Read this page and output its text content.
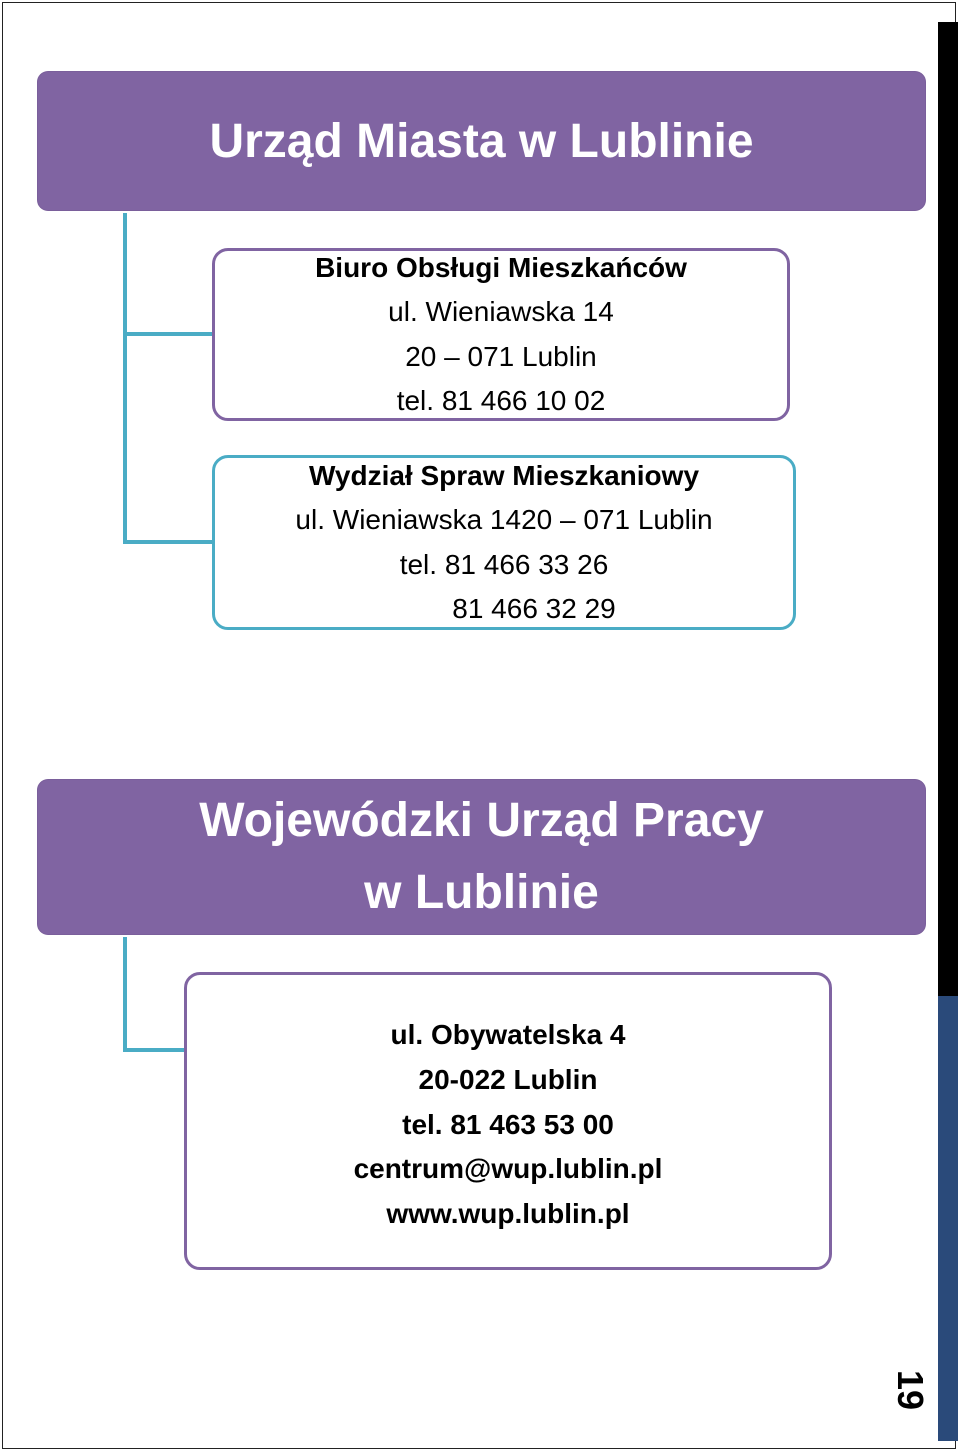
19
Urząd Miasta w Lublinie
Biuro Obsługi Mieszkańców
ul. Wieniawska 14
20 – 071 Lublin
tel. 81 466 10 02
Wydział Spraw Mieszkaniowy
ul. Wieniawska 1420 – 071 Lublin
tel. 81 466 33 26
81 466 32 29
Wojewódzki Urząd Pracy
w Lublinie
ul. Obywatelska 4
20-022 Lublin
tel. 81 463 53 00
centrum@wup.lublin.pl
www.wup.lublin.pl
